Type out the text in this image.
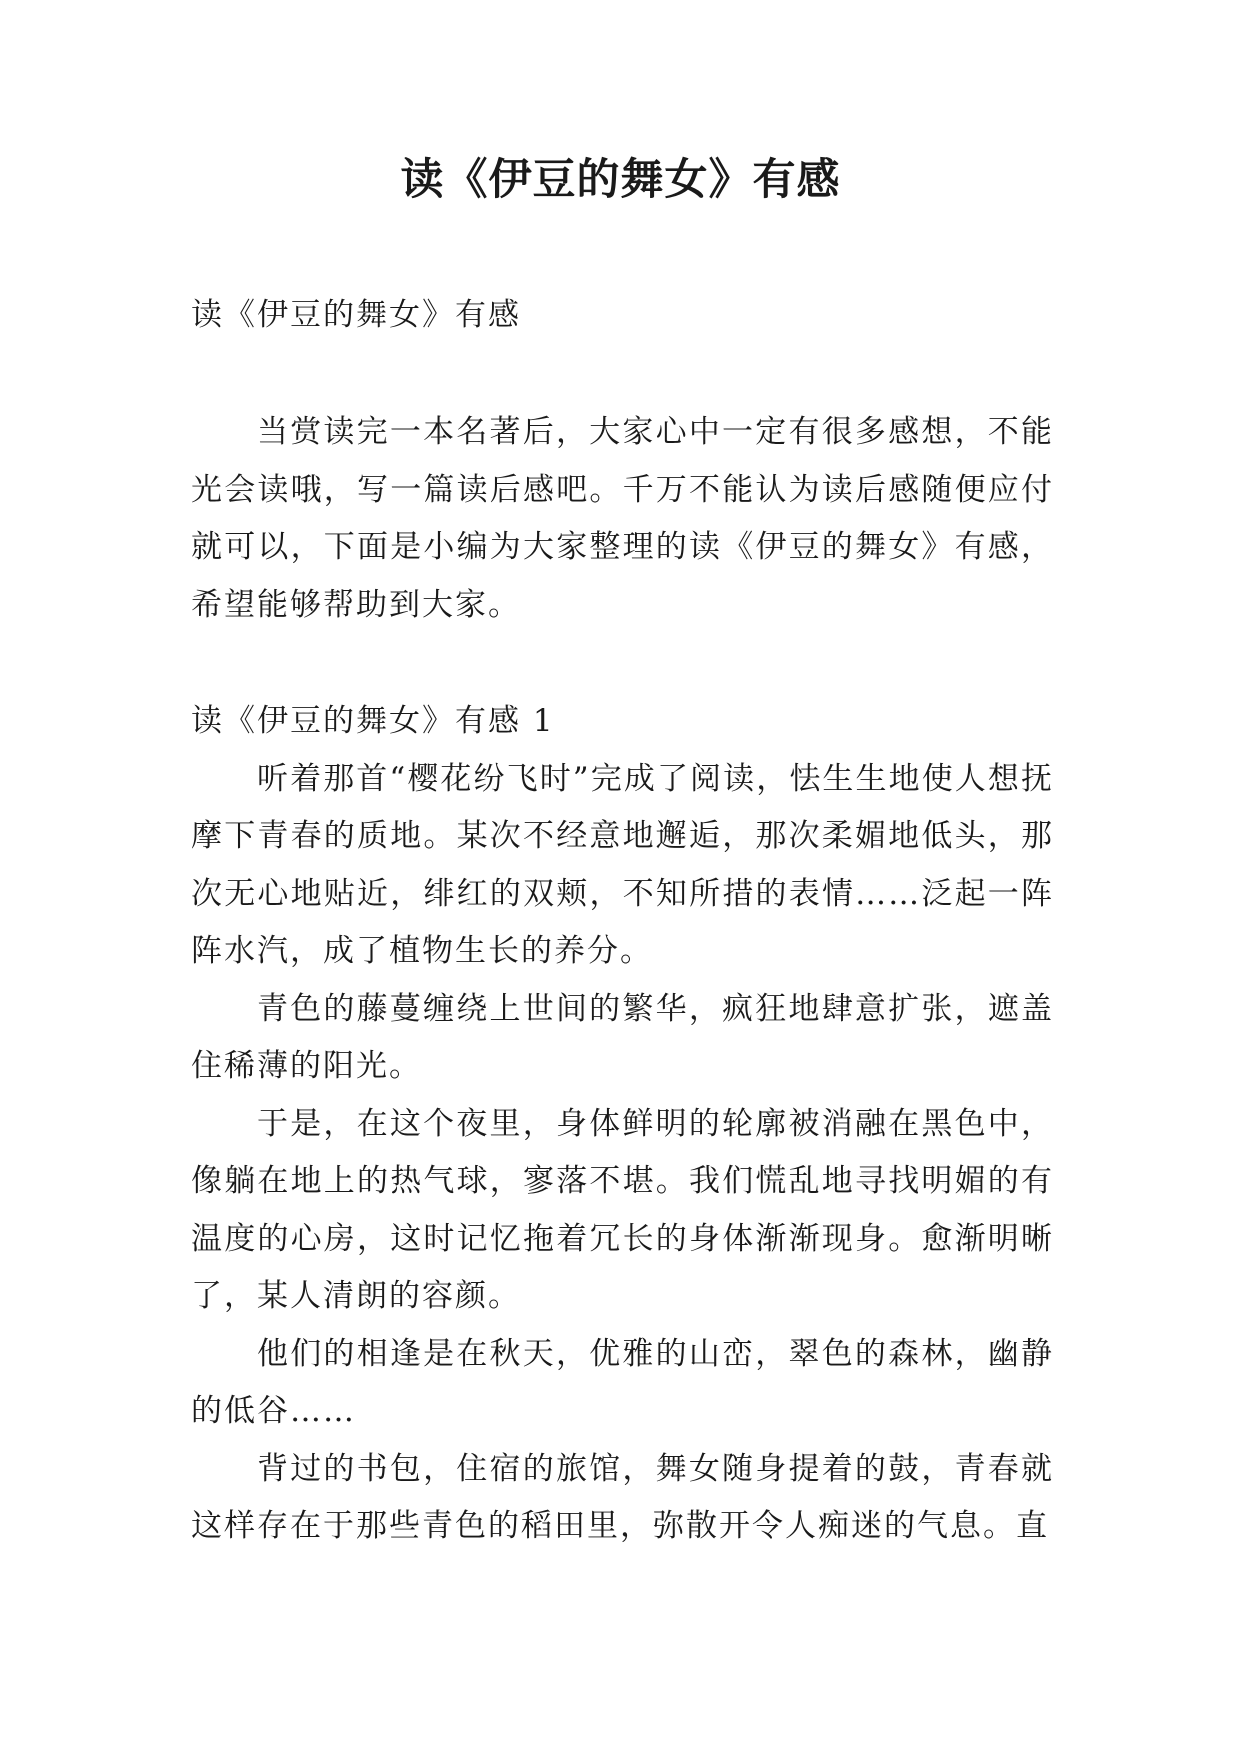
读《伊豆的舞女》有感

读《伊豆的舞女》有感

当赏读完一本名著后，大家心中一定有很多感想，不能光会读哦，写一篇读后感吧。千万不能认为读后感随便应付就可以，下面是小编为大家整理的读《伊豆的舞女》有感，希望能够帮助到大家。

读《伊豆的舞女》有感 1

听着那首“樱花纷飞时”完成了阅读，怯生生地使人想抚摩下青春的质地。某次不经意地邂逅，那次柔媚地低头，那次无心地贴近，绯红的双颊，不知所措的表情……泛起一阵阵水汽，成了植物生长的养分。

青色的藤蔓缠绕上世间的繁华，疯狂地肆意扩张，遮盖住稀薄的阳光。

于是，在这个夜里，身体鲜明的轮廓被消融在黑色中，像躺在地上的热气球，寥落不堪。我们慌乱地寻找明媚的有温度的心房，这时记忆拖着冗长的身体渐渐现身。愈渐明晰了，某人清朗的容颜。

他们的相逢是在秋天，优雅的山峦，翠色的森林，幽静的低谷……

背过的书包，住宿的旅馆，舞女随身提着的鼓，青春就这样存在于那些青色的稻田里，弥散开令人痴迷的气息。直
